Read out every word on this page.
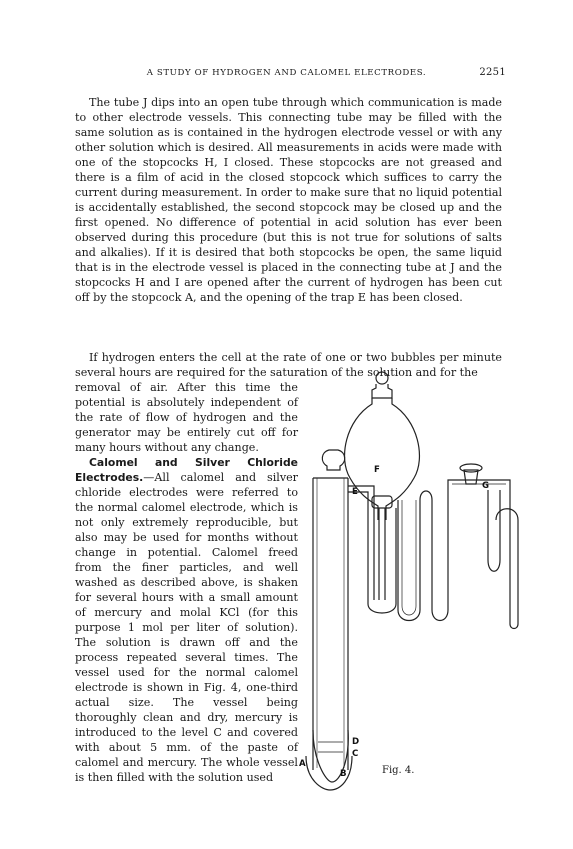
A STUDY OF HYDROGEN AND CALOMEL ELECTRODES.	2251

The tube J dips into an open tube through which communication is made to other electrode vessels. This connecting tube may be filled with the same solution as is contained in the hydrogen electrode vessel or with any other solution which is desired. All measurements in acids were made with one of the stopcocks H, I closed. These stopcocks are not greased and there is a film of acid in the closed stopcock which suffices to carry the current during measurement. In order to make sure that no liquid potential is accidentally established, the second stopcock may be closed up and the first opened. No difference of potential in acid solution has ever been observed during this procedure (but this is not true for solutions of salts and alkalies). If it is desired that both stopcocks be open, the same liquid that is in the electrode vessel is placed in the connecting tube at J and the stopcocks H and I are opened after the current of hydrogen has been cut off by the stopcock A, and the opening of the trap E has been closed.

If hydrogen enters the cell at the rate of one or two bubbles per minute several hours are required for the saturation of the solution and for the

removal of air. After this time the potential is absolutely independent of the rate of flow of hydrogen and the generator may be entirely cut off for many hours without any change.

Calomel and Silver Chloride Electrodes.—All calomel and silver chloride electrodes were referred to the normal calomel electrode, which is not only extremely reproducible, but also may be used for months without change in potential. Calomel freed from the finer particles, and well washed as described above, is shaken for several hours with a small amount of mercury and molal KCl (for this purpose 1 mol per liter of solution). The solution is drawn off and the process repeated several times. The vessel used for the normal calomel electrode is shown in Fig. 4, one-third actual size. The vessel being thoroughly clean and dry, mercury is introduced to the level C and covered with about 5 mm. of the paste of calomel and mercury. The whole vessel is then filled with the solution used

Fig. 4.
F
E
G
D
C
A
B
